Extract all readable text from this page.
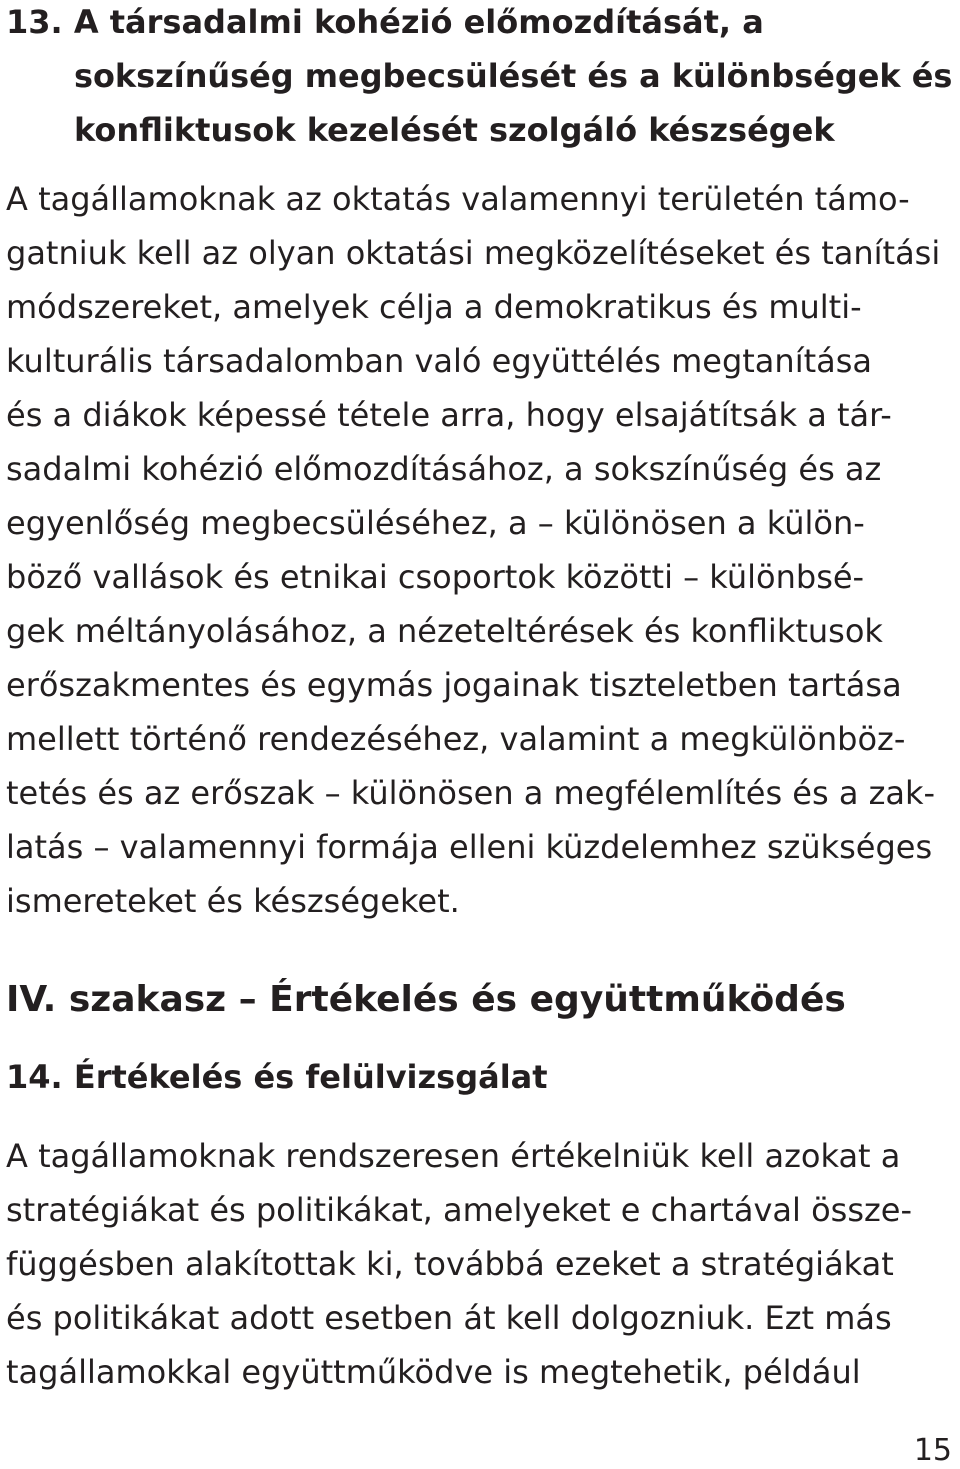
13. A társadalmi kohézió előmozdítását, a
sokszínűség megbecsülését és a különbségek és
konfliktusok kezelését szolgáló készségek
A tagállamoknak az oktatás valamennyi területén támo-
gatniuk kell az olyan oktatási megközelítéseket és tanítási
módszereket, amelyek célja a demokratikus és multi-
kulturális társadalomban való együttélés megtanítása
és a diákok képessé tétele arra, hogy elsajátítsák a tár-
sadalmi kohézió előmozdításához, a sokszínűség és az
egyenlőség megbecsüléséhez, a – különösen a külön-
böző vallások és etnikai csoportok közötti – különbsé-
gek méltányolásához, a nézeteltérések és konfliktusok
erőszakmentes és egymás jogainak tiszteletben tartása
mellett történő rendezéséhez, valamint a megkülönböz-
tetés és az erőszak – különösen a megfélemlítés és a zak-
latás – valamennyi formája elleni küzdelemhez szükséges
ismereteket és készségeket.
IV. szakasz – Értékelés és együttműködés
14. Értékelés és felülvizsgálat
A tagállamoknak rendszeresen értékelniük kell azokat a
stratégiákat és politikákat, amelyeket e chartával össze-
függésben alakítottak ki, továbbá ezeket a stratégiákat
és politikákat adott esetben át kell dolgozniuk. Ezt más
tagállamokkal együttműködve is megtehetik, például
15
